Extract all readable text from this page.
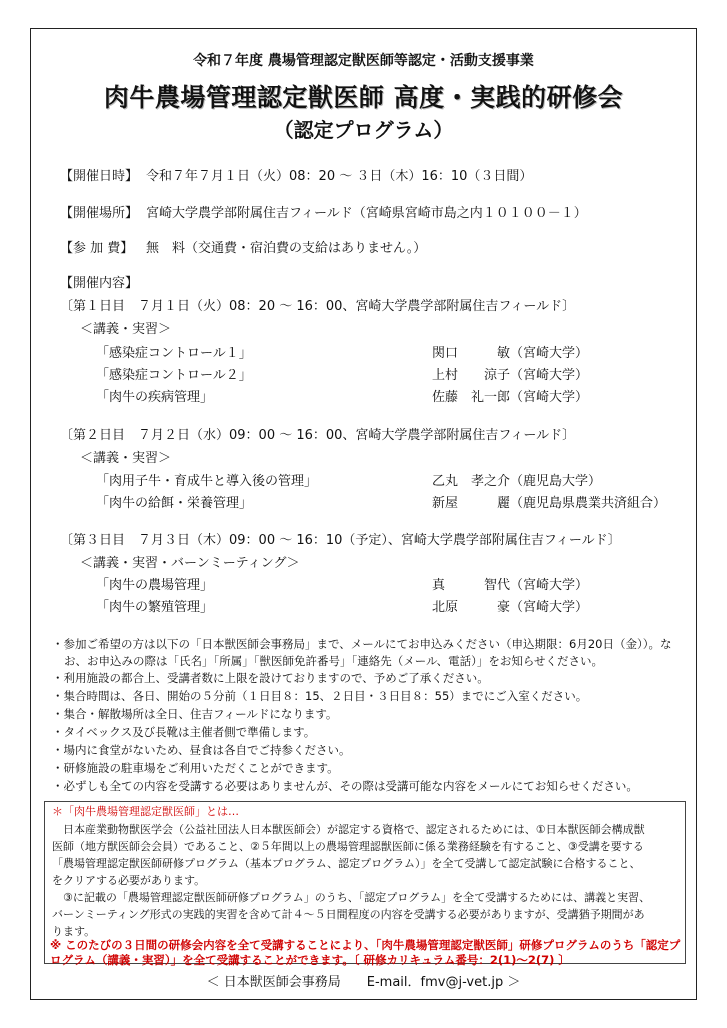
令和７年度 農場管理認定獣医師等認定・活動支援事業
肉牛農場管理認定獣医師 高度・実践的研修会
（認定プログラム）
【開催日時】 令和７年７月１日（火）08：20 ～ ３日（木）16：10（３日間）
【開催場所】 宮崎大学農学部附属住吉フィールド（宮崎県宮崎市島之内１０１００－１）
【参 加 費】 無　料（交通費・宿泊費の支給はありません。）
【開催内容】
〔第１日目　７月１日（火）08：20 ～ 16：00、宮崎大学農学部附属住吉フィールド〕
＜講義・実習＞
「感染症コントロール１」	関口　　　敏（宮崎大学）
「感染症コントロール２」	上村　　涼子（宮崎大学）
「肉牛の疾病管理」	佐藤　礼一郎（宮崎大学）
〔第２日目　７月２日（水）09：00 ～ 16：00、宮崎大学農学部附属住吉フィールド〕
＜講義・実習＞
「肉用子牛・育成牛と導入後の管理」	乙丸　孝之介（鹿児島大学）
「肉牛の給餌・栄養管理」	新屋　　　麗（鹿児島県農業共済組合）
〔第３日目　７月３日（木）09：00 ～ 16：10（予定）、宮崎大学農学部附属住吉フィールド〕
＜講義・実習・バーンミーティング＞
「肉牛の農場管理」	真　　　智代（宮崎大学）
「肉牛の繁殖管理」	北原　　　豪（宮崎大学）
・参加ご希望の方は以下の「日本獣医師会事務局」まで、メールにてお申込みください（申込期限：6月20日（金））。な
お、お申込みの際は「氏名」「所属」「獣医師免許番号」「連絡先（メール、電話）」をお知らせください。
・利用施設の都合上、受講者数に上限を設けておりますので、予めご了承ください。
・集合時間は、各日、開始の５分前（１日目８：15、２日目・３日目８：55）までにご入室ください。
・集合・解散場所は全日、住吉フィールドになります。
・タイベックス及び長靴は主催者側で準備します。
・場内に食堂がないため、昼食は各自でご持参ください。
・研修施設の駐車場をご利用いただくことができます。
・必ずしも全ての内容を受講する必要はありませんが、その際は受講可能な内容をメールにてお知らせください。
＊「肉牛農場管理認定獣医師」とは…
　日本産業動物獣医学会（公益社団法人日本獣医師会）が認定する資格で、認定されるためには、①日本獣医師会構成獣
医師（地方獣医師会会員）であること、②５年間以上の農場管理認獣医師に係る業務経験を有すること、③受講を要する
「農場管理認定獣医師研修プログラム（基本プログラム、認定プログラム）」を全て受講して認定試験に合格すること、
をクリアする必要があります。
　③に記載の「農場管理認定獣医師研修プログラム」のうち、「認定プログラム」を全て受講するためには、講義と実習、
バーンミーティング形式の実践的実習を含めて計４～５日間程度の内容を受講する必要がありますが、受講猶予期間があ
ります。
※ このたびの３日間の研修会内容を全て受講することにより、「肉牛農場管理認定獣医師」研修プログラムのうち「認定プ
ログラム（講義・実習）」を全て受講することができます。〔 研修カリキュラム番号：2(1)～2(7) 〕
＜ 日本獣医師会事務局　　E-mail．fmv@j-vet.jp ＞
